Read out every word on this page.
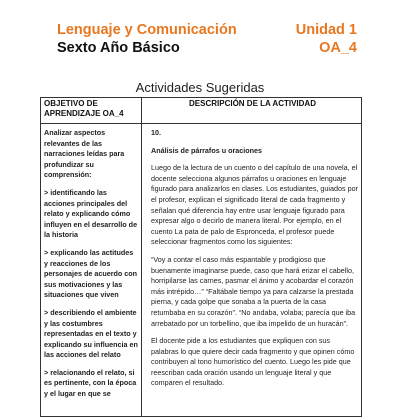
Lenguaje y Comunicación
Sexto Año Básico
Unidad 1
OA_4
Actividades Sugeridas
OBJETIVO DE APRENDIZAJE OA_4
DESCRIPCIÓN DE LA ACTIVIDAD

Analizar aspectos relevantes de las narraciones leídas para profundizar su comprensión:

> identificando las acciones principales del relato y explicando cómo influyen en el desarrollo de la historia

> explicando las actitudes y reacciones de los personajes de acuerdo con sus motivaciones y las situaciones que viven

> describiendo el ambiente y las costumbres representadas en el texto y explicando su influencia en las acciones del relato

> relacionando el relato, si es pertinente, con la época y el lugar en que se

10.

Análisis de párrafos u oraciones

Luego de la lectura de un cuento o del capítulo de una novela, el docente selecciona algunos párrafos u oraciones en lenguaje figurado para analizarlos en clases. Los estudiantes, guiados por el profesor, explican el significado literal de cada fragmento y señalan qué diferencia hay entre usar lenguaje figurado para expresar algo o decirlo de manera literal. Por ejemplo, en el cuento La pata de palo de Espronceda, el profesor puede seleccionar fragmentos como los siguientes:

“Voy a contar el caso más espantable y prodigioso que buenamente imaginarse puede, caso que hará erizar el cabello, horripilarse las carnes, pasmar el ánimo y acobardar el corazón más intrépido…” “Faltábale tiempo ya para calzarse la prestada pierna, y cada golpe que sonaba a la puerta de la casa retumbaba en su corazón”. “No andaba, volaba; parecía que iba arrebatado por un torbellino, que iba impelido de un huracán”.

El docente pide a los estudiantes que expliquen con sus palabras lo que quiere decir cada fragmento y que opinen cómo contribuyen al tono humorístico del cuento. Luego les pide que reescriban cada oración usando un lenguaje literal y que comparen el resultado.
